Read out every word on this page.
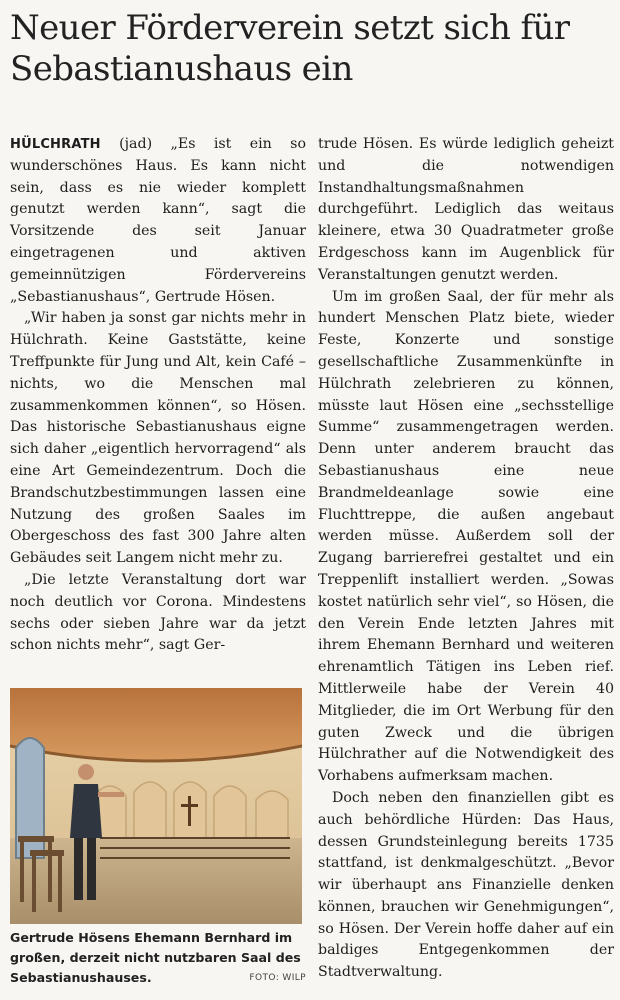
Neuer Förderverein setzt sich für Sebastianushaus ein

HÜLCHRATH (jad) „Es ist ein so wunderschönes Haus. Es kann nicht sein, dass es nie wieder komplett genutzt werden kann“, sagt die Vorsitzende des seit Januar eingetragenen und aktiven gemeinnützigen Fördervereins „Sebastianushaus“, Gertrude Hösen.

„Wir haben ja sonst gar nichts mehr in Hülchrath. Keine Gaststätte, keine Treffpunkte für Jung und Alt, kein Café – nichts, wo die Menschen mal zusammenkommen können“, so Hösen. Das historische Sebastianushaus eigne sich daher „eigentlich hervorragend“ als eine Art Gemeindezentrum. Doch die Brandschutzbestimmungen lassen eine Nutzung des großen Saales im Obergeschoss des fast 300 Jahre alten Gebäudes seit Langem nicht mehr zu.

„Die letzte Veranstaltung dort war noch deutlich vor Corona. Mindestens sechs oder sieben Jahre war da jetzt schon nichts mehr“, sagt Ger-

Gertrude Hösens Ehemann Bernhard im großen, derzeit nicht nutzbaren Saal des Sebastianushauses.	FOTO: WILP

trude Hösen. Es würde lediglich geheizt und die notwendigen Instandhaltungsmaßnahmen durchgeführt. Lediglich das weitaus kleinere, etwa 30 Quadratmeter große Erdgeschoss kann im Augenblick für Veranstaltungen genutzt werden.

Um im großen Saal, der für mehr als hundert Menschen Platz biete, wieder Feste, Konzerte und sonstige gesellschaftliche Zusammenkünfte in Hülchrath zelebrieren zu können, müsste laut Hösen eine „sechsstellige Summe“ zusammengetragen werden. Denn unter anderem braucht das Sebastianushaus eine neue Brandmeldeanlage sowie eine Fluchttreppe, die außen angebaut werden müsse. Außerdem soll der Zugang barrierefrei gestaltet und ein Treppenlift installiert werden. „Sowas kostet natürlich sehr viel“, so Hösen, die den Verein Ende letzten Jahres mit ihrem Ehemann Bernhard und weiteren ehrenamtlich Tätigen ins Leben rief. Mittlerweile habe der Verein 40 Mitglieder, die im Ort Werbung für den guten Zweck und die übrigen Hülchrather auf die Notwendigkeit des Vorhabens aufmerksam machen.

Doch neben den finanziellen gibt es auch behördliche Hürden: Das Haus, dessen Grundsteinlegung bereits 1735 stattfand, ist denkmalgeschützt. „Bevor wir überhaupt ans Finanzielle denken können, brauchen wir Genehmigungen“, so Hösen. Der Verein hoffe daher auf ein baldiges Entgegenkommen der Stadtverwaltung.
